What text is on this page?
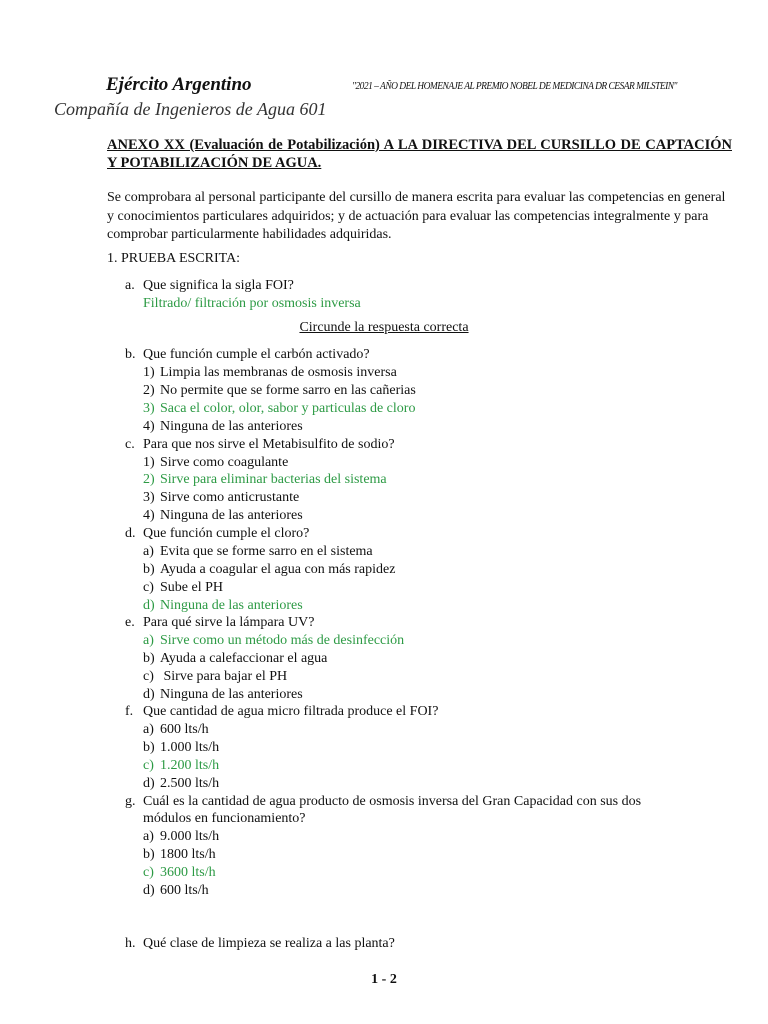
Ejército Argentino	"2021 – AÑO DEL HOMENAJE AL PREMIO NOBEL DE MEDICINA DR CESAR MILSTEIN"
Compañía de Ingenieros de Agua 601
ANEXO XX (Evaluación de Potabilización) A LA DIRECTIVA DEL CURSILLO DE CAPTACIÓN Y POTABILIZACIÓN DE AGUA.
Se comprobara al personal participante del cursillo de manera escrita para evaluar las competencias en general y conocimientos particulares adquiridos; y de actuación para evaluar las competencias integralmente y para comprobar particularmente habilidades adquiridas.
1. PRUEBA ESCRITA:
a. Que significa la sigla FOI?
Filtrado/ filtración por osmosis inversa
Circunde la respuesta correcta
b. Que función cumple el carbón activado?
1) Limpia las membranas de osmosis inversa
2) No permite que se forme sarro en las cañerias
3) Saca el color, olor, sabor y particulas de cloro
4) Ninguna de las anteriores
c. Para que nos sirve el Metabisulfito de sodio?
1) Sirve como coagulante
2) Sirve para eliminar bacterias del sistema
3) Sirve como anticrustante
4) Ninguna de las anteriores
d. Que función cumple el cloro?
a) Evita que se forme sarro en el sistema
b) Ayuda a coagular el agua con más rapidez
c) Sube el PH
d) Ninguna de las anteriores
e. Para qué sirve la lámpara UV?
a) Sirve como un método más de desinfección
b) Ayuda a calefaccionar el agua
c) Sirve para bajar el PH
d) Ninguna de las anteriores
f. Que cantidad de agua micro filtrada produce el FOI?
a) 600 lts/h
b) 1.000 lts/h
c) 1.200 lts/h
d) 2.500 lts/h
g. Cuál es la cantidad de agua producto de osmosis inversa del Gran Capacidad con sus dos
módulos en funcionamiento?
a) 9.000 lts/h
b) 1800 lts/h
c) 3600 lts/h
d) 600 lts/h
h. Qué clase de limpieza se realiza a las planta?
1 - 2
